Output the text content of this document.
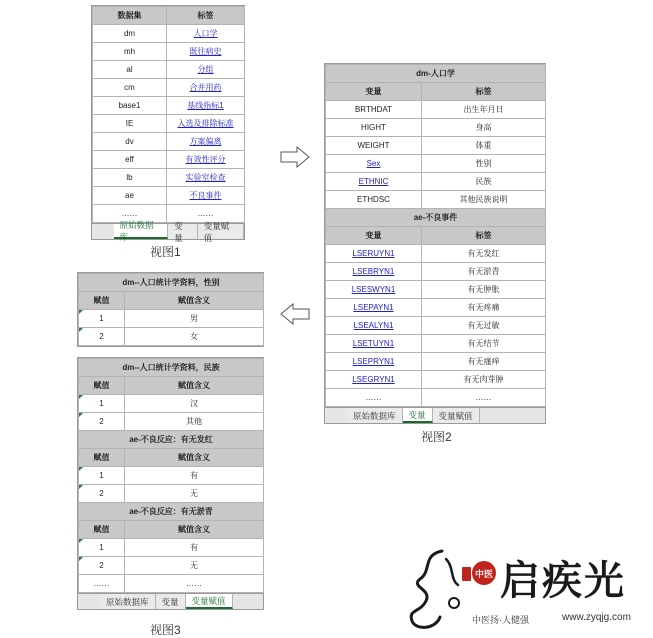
数据集	标签
dm	人口学
mh	既往病史
al	分组
cm	合并用药
base1	基线指标1
IE	入选及排除标准
dv	方案偏离
eff	有效性评分
lb	实验室检查
ae	不良事件
……	……
原始数据库
变量
变量赋值
视图1
dm-人口学	
变量	标签
BRTHDAT	出生年月日
HIGHT	身高
WEIGHT	体重
Sex	性别
ETHNIC	民族
ETHDSC	其他民族说明
ae-不良事件	
变量	标签
LSERUYN1	有无发红
LSEBRYN1	有无淤青
LSESWYN1	有无肿胀
LSEPAYN1	有无疼痛
LSEALYN1	有无过敏
LSETUYN1	有无结节
LSEPRYN1	有无瘙痒
LSEGRYN1	有无肉芽肿
……	……
原始数据库	变量	变量赋值
视图2
dm--人口统计学资料，性别	
赋值	赋值含义
1	男
2	女
dm--人口统计学资料，民族	
赋值	赋值含义
1	汉
2	其他
ae-不良反应：有无发红	
赋值	赋值含义
1	有
2	无
ae-不良反应：有无淤青	
赋值	赋值含义
1	有
2	无
……	……
原始数据库	变量	变量赋值
视图3
中医 启疾光
中医扬·人健强	www.zyqjg.com
